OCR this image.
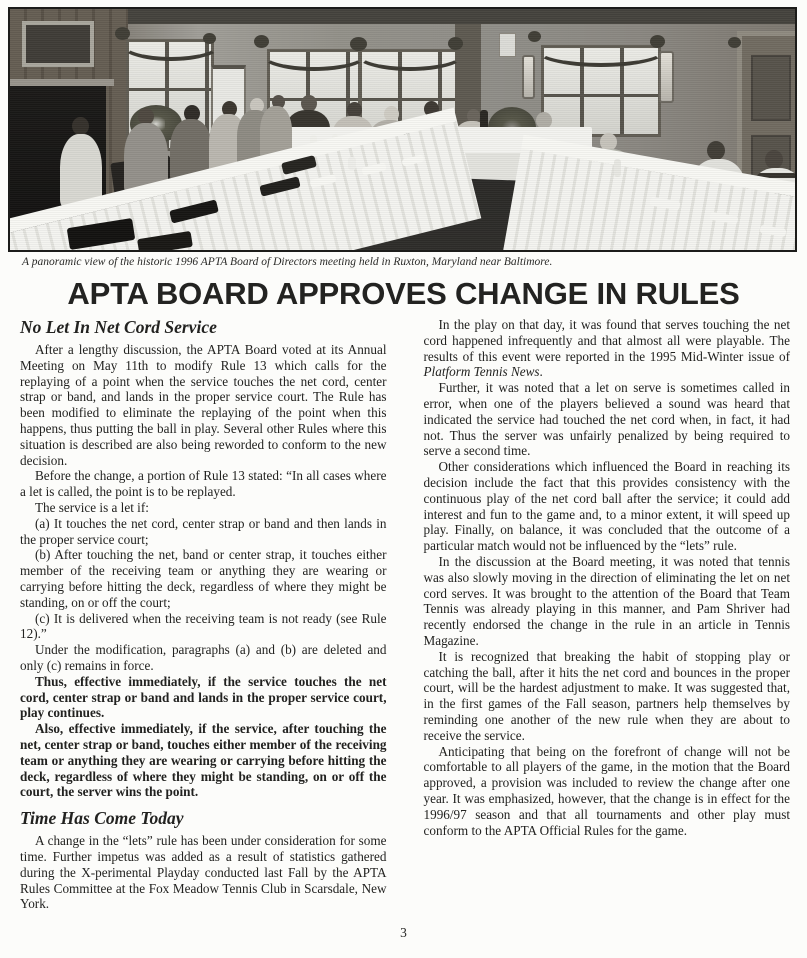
A panoramic view of the historic 1996 APTA Board of Directors meeting held in Ruxton, Maryland near Baltimore.
APTA BOARD APPROVES CHANGE IN RULES
No Let In Net Cord Service

After a lengthy discussion, the APTA Board voted at its Annual Meeting on May 11th to modify Rule 13 which calls for the replaying of a point when the service touches the net cord, center strap or band, and lands in the proper service court. The Rule has been modified to eliminate the replaying of the point when this happens, thus putting the ball in play. Several other Rules where this situation is described are also being reworded to conform to the new decision.

Before the change, a portion of Rule 13 stated: “In all cases where a let is called, the point is to be replayed.

The service is a let if:

(a) It touches the net cord, center strap or band and then lands in the proper service court;

(b) After touching the net, band or center strap, it touches either member of the receiving team or anything they are wearing or carrying before hitting the deck, regardless of where they might be standing, on or off the court;

(c) It is delivered when the receiving team is not ready (see Rule 12).”

Under the modification, paragraphs (a) and (b) are deleted and only (c) remains in force.

Thus, effective immediately, if the service touches the net cord, center strap or band and lands in the proper service court, play continues.

Also, effective immediately, if the service, after touching the net, center strap or band, touches either member of the receiving team or anything they are wearing or carrying before hitting the deck, regardless of where they might be standing, on or off the court, the server wins the point.

Time Has Come Today

A change in the “lets” rule has been under consideration for some time. Further impetus was added as a result of statistics gathered during the X-perimental Playday conducted last Fall by the APTA Rules Committee at the Fox Meadow Tennis Club in Scarsdale, New York.

In the play on that day, it was found that serves touching the net cord happened infrequently and that almost all were playable. The results of this event were reported in the 1995 Mid-Winter issue of Platform Tennis News.

Further, it was noted that a let on serve is sometimes called in error, when one of the players believed a sound was heard that indicated the service had touched the net cord when, in fact, it had not. Thus the server was unfairly penalized by being required to serve a second time.

Other considerations which influenced the Board in reaching its decision include the fact that this provides consistency with the continuous play of the net cord ball after the service; it could add interest and fun to the game and, to a minor extent, it will speed up play. Finally, on balance, it was concluded that the outcome of a particular match would not be influenced by the “lets” rule.

In the discussion at the Board meeting, it was noted that tennis was also slowly moving in the direction of eliminating the let on net cord serves. It was brought to the attention of the Board that Team Tennis was already playing in this manner, and Pam Shriver had recently endorsed the change in the rule in an article in Tennis Magazine.

It is recognized that breaking the habit of stopping play or catching the ball, after it hits the net cord and bounces in the proper court, will be the hardest adjustment to make. It was suggested that, in the first games of the Fall season, partners help themselves by reminding one another of the new rule when they are about to receive the service.

Anticipating that being on the forefront of change will not be comfortable to all players of the game, in the motion that the Board approved, a provision was included to review the change after one year. It was emphasized, however, that the change is in effect for the 1996/97 season and that all tournaments and other play must conform to the APTA Official Rules for the game.

3
